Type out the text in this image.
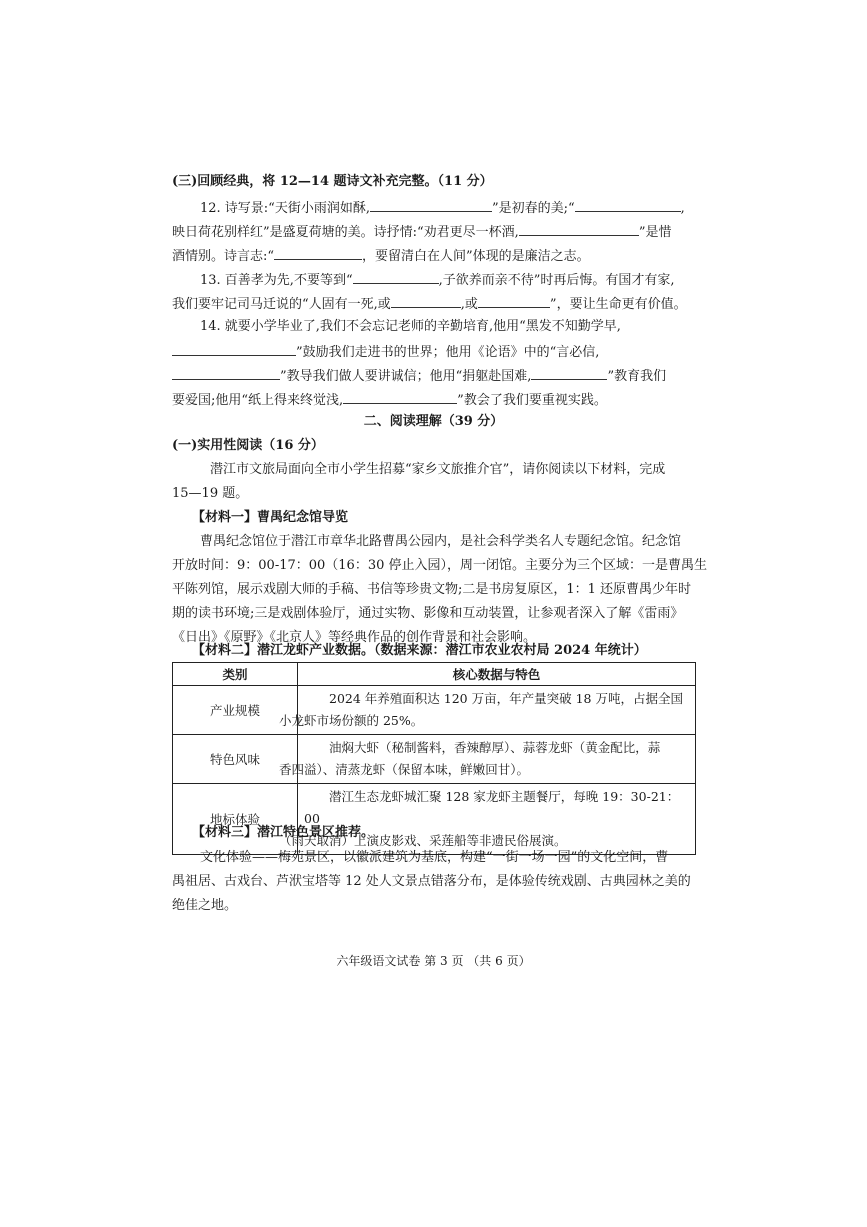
(三)回顾经典，将 12—14 题诗文补充完整。（11 分）
12. 诗写景:“天街小雨润如酥,	”是初春的美;“	,
映日荷花别样红”是盛夏荷塘的美。诗抒情:“劝君更尽一杯酒,	”是惜
酒情别。诗言志:“	，要留清白在人间”体现的是廉洁之志。
13. 百善孝为先,不要等到“	,子欲养而亲不待”时再后悔。有国才有家,
我们要牢记司马迁说的“人固有一死,或	,或	”，要让生命更有价值。
14. 就要小学毕业了,我们不会忘记老师的辛勤培育,他用“黑发不知勤学早,
”鼓励我们走进书的世界；他用《论语》中的“言必信,
”教导我们做人要讲诚信；他用“捐躯赴国难,	”教育我们
要爱国;他用“纸上得来终觉浅,	”教会了我们要重视实践。
二、阅读理解（39 分）
(一)实用性阅读（16 分）
潜江市文旅局面向全市小学生招募“家乡文旅推介官”，请你阅读以下材料，完成
15—19 题。
【材料一】曹禺纪念馆导览
曹禺纪念馆位于潜江市章华北路曹禺公园内，是社会科学类名人专题纪念馆。纪念馆
开放时间：9：00-17：00（16：30 停止入园），周一闭馆。主要分为三个区域：一是曹禺生
平陈列馆，展示戏剧大师的手稿、书信等珍贵文物;二是书房复原区，1：1 还原曹禺少年时
期的读书环境;三是戏剧体验厅，通过实物、影像和互动装置，让参观者深入了解《雷雨》
《日出》《原野》《北京人》等经典作品的创作背景和社会影响。
【材料二】潜江龙虾产业数据。（数据来源：潜江市农业农村局 2024 年统计）
类别	核心数据与特色
产业规模	2024 年养殖面积达 120 万亩，年产量突破 18 万吨，占据全国
小龙虾市场份额的 25%。
特色风味	油焖大虾（秘制酱料，香辣醇厚）、蒜蓉龙虾（黄金配比，蒜
香四溢）、清蒸龙虾（保留本味，鲜嫩回甘）。
地标体验	潜江生态龙虾城汇聚 128 家龙虾主题餐厅，每晚 19：30-21：00
（雨天取消）上演皮影戏、采莲船等非遗民俗展演。
【材料三】潜江特色景区推荐。
文化体验——梅苑景区，以徽派建筑为基底，构建“一街一场一园”的文化空间，曹
禺祖居、古戏台、芦洑宝塔等 12 处人文景点错落分布，是体验传统戏剧、古典园林之美的
绝佳之地。
六年级语文试卷 第 3 页 （共 6 页）
